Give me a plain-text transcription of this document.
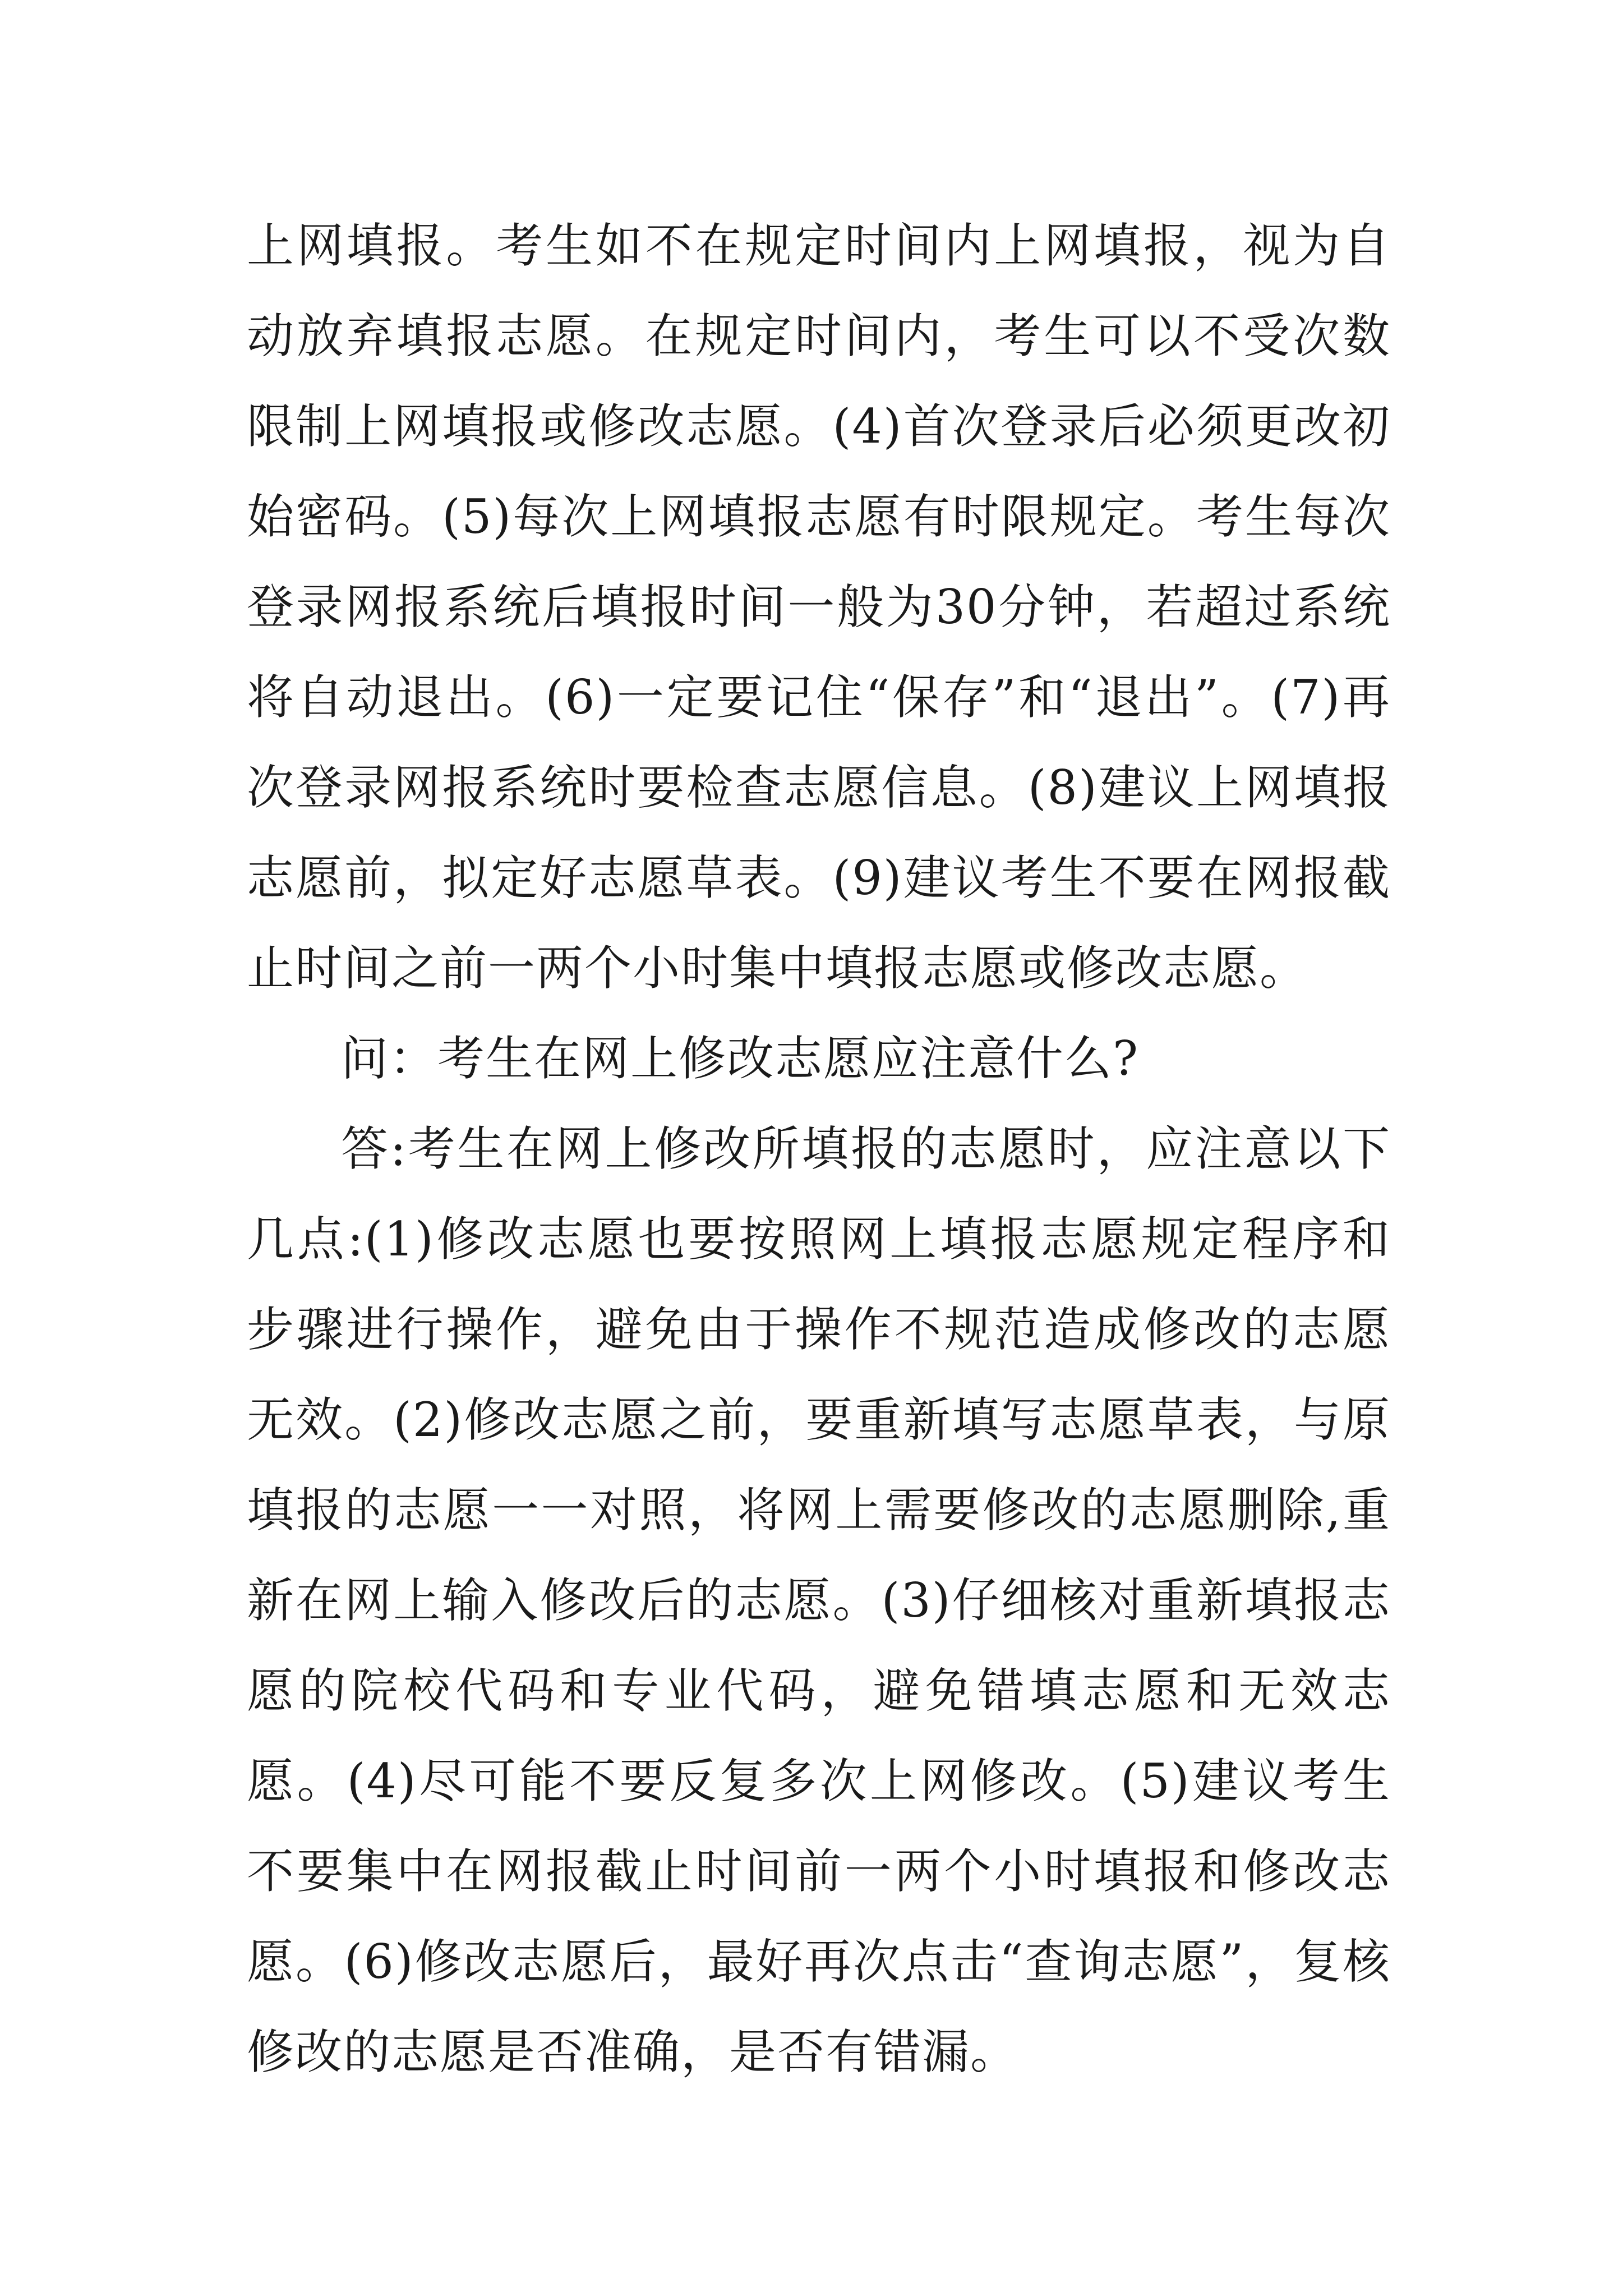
上网填报。考生如不在规定时间内上网填报，视为自动放弃填报志愿。在规定时间内，考生可以不受次数限制上网填报或修改志愿。(4)首次登录后必须更改初始密码。(5)每次上网填报志愿有时限规定。考生每次登录网报系统后填报时间一般为30分钟，若超过系统将自动退出。(6)一定要记住“保存”和“退出”。(7)再次登录网报系统时要检查志愿信息。(8)建议上网填报志愿前，拟定好志愿草表。(9)建议考生不要在网报截止时间之前一两个小时集中填报志愿或修改志愿。

问：考生在网上修改志愿应注意什么?

答:考生在网上修改所填报的志愿时，应注意以下几点:(1)修改志愿也要按照网上填报志愿规定程序和步骤进行操作，避免由于操作不规范造成修改的志愿无效。(2)修改志愿之前，要重新填写志愿草表，与原填报的志愿一一对照，将网上需要修改的志愿删除,重新在网上输入修改后的志愿。(3)仔细核对重新填报志愿的院校代码和专业代码，避免错填志愿和无效志愿。(4)尽可能不要反复多次上网修改。(5)建议考生不要集中在网报截止时间前一两个小时填报和修改志愿。(6)修改志愿后，最好再次点击“查询志愿”，复核修改的志愿是否准确，是否有错漏。
